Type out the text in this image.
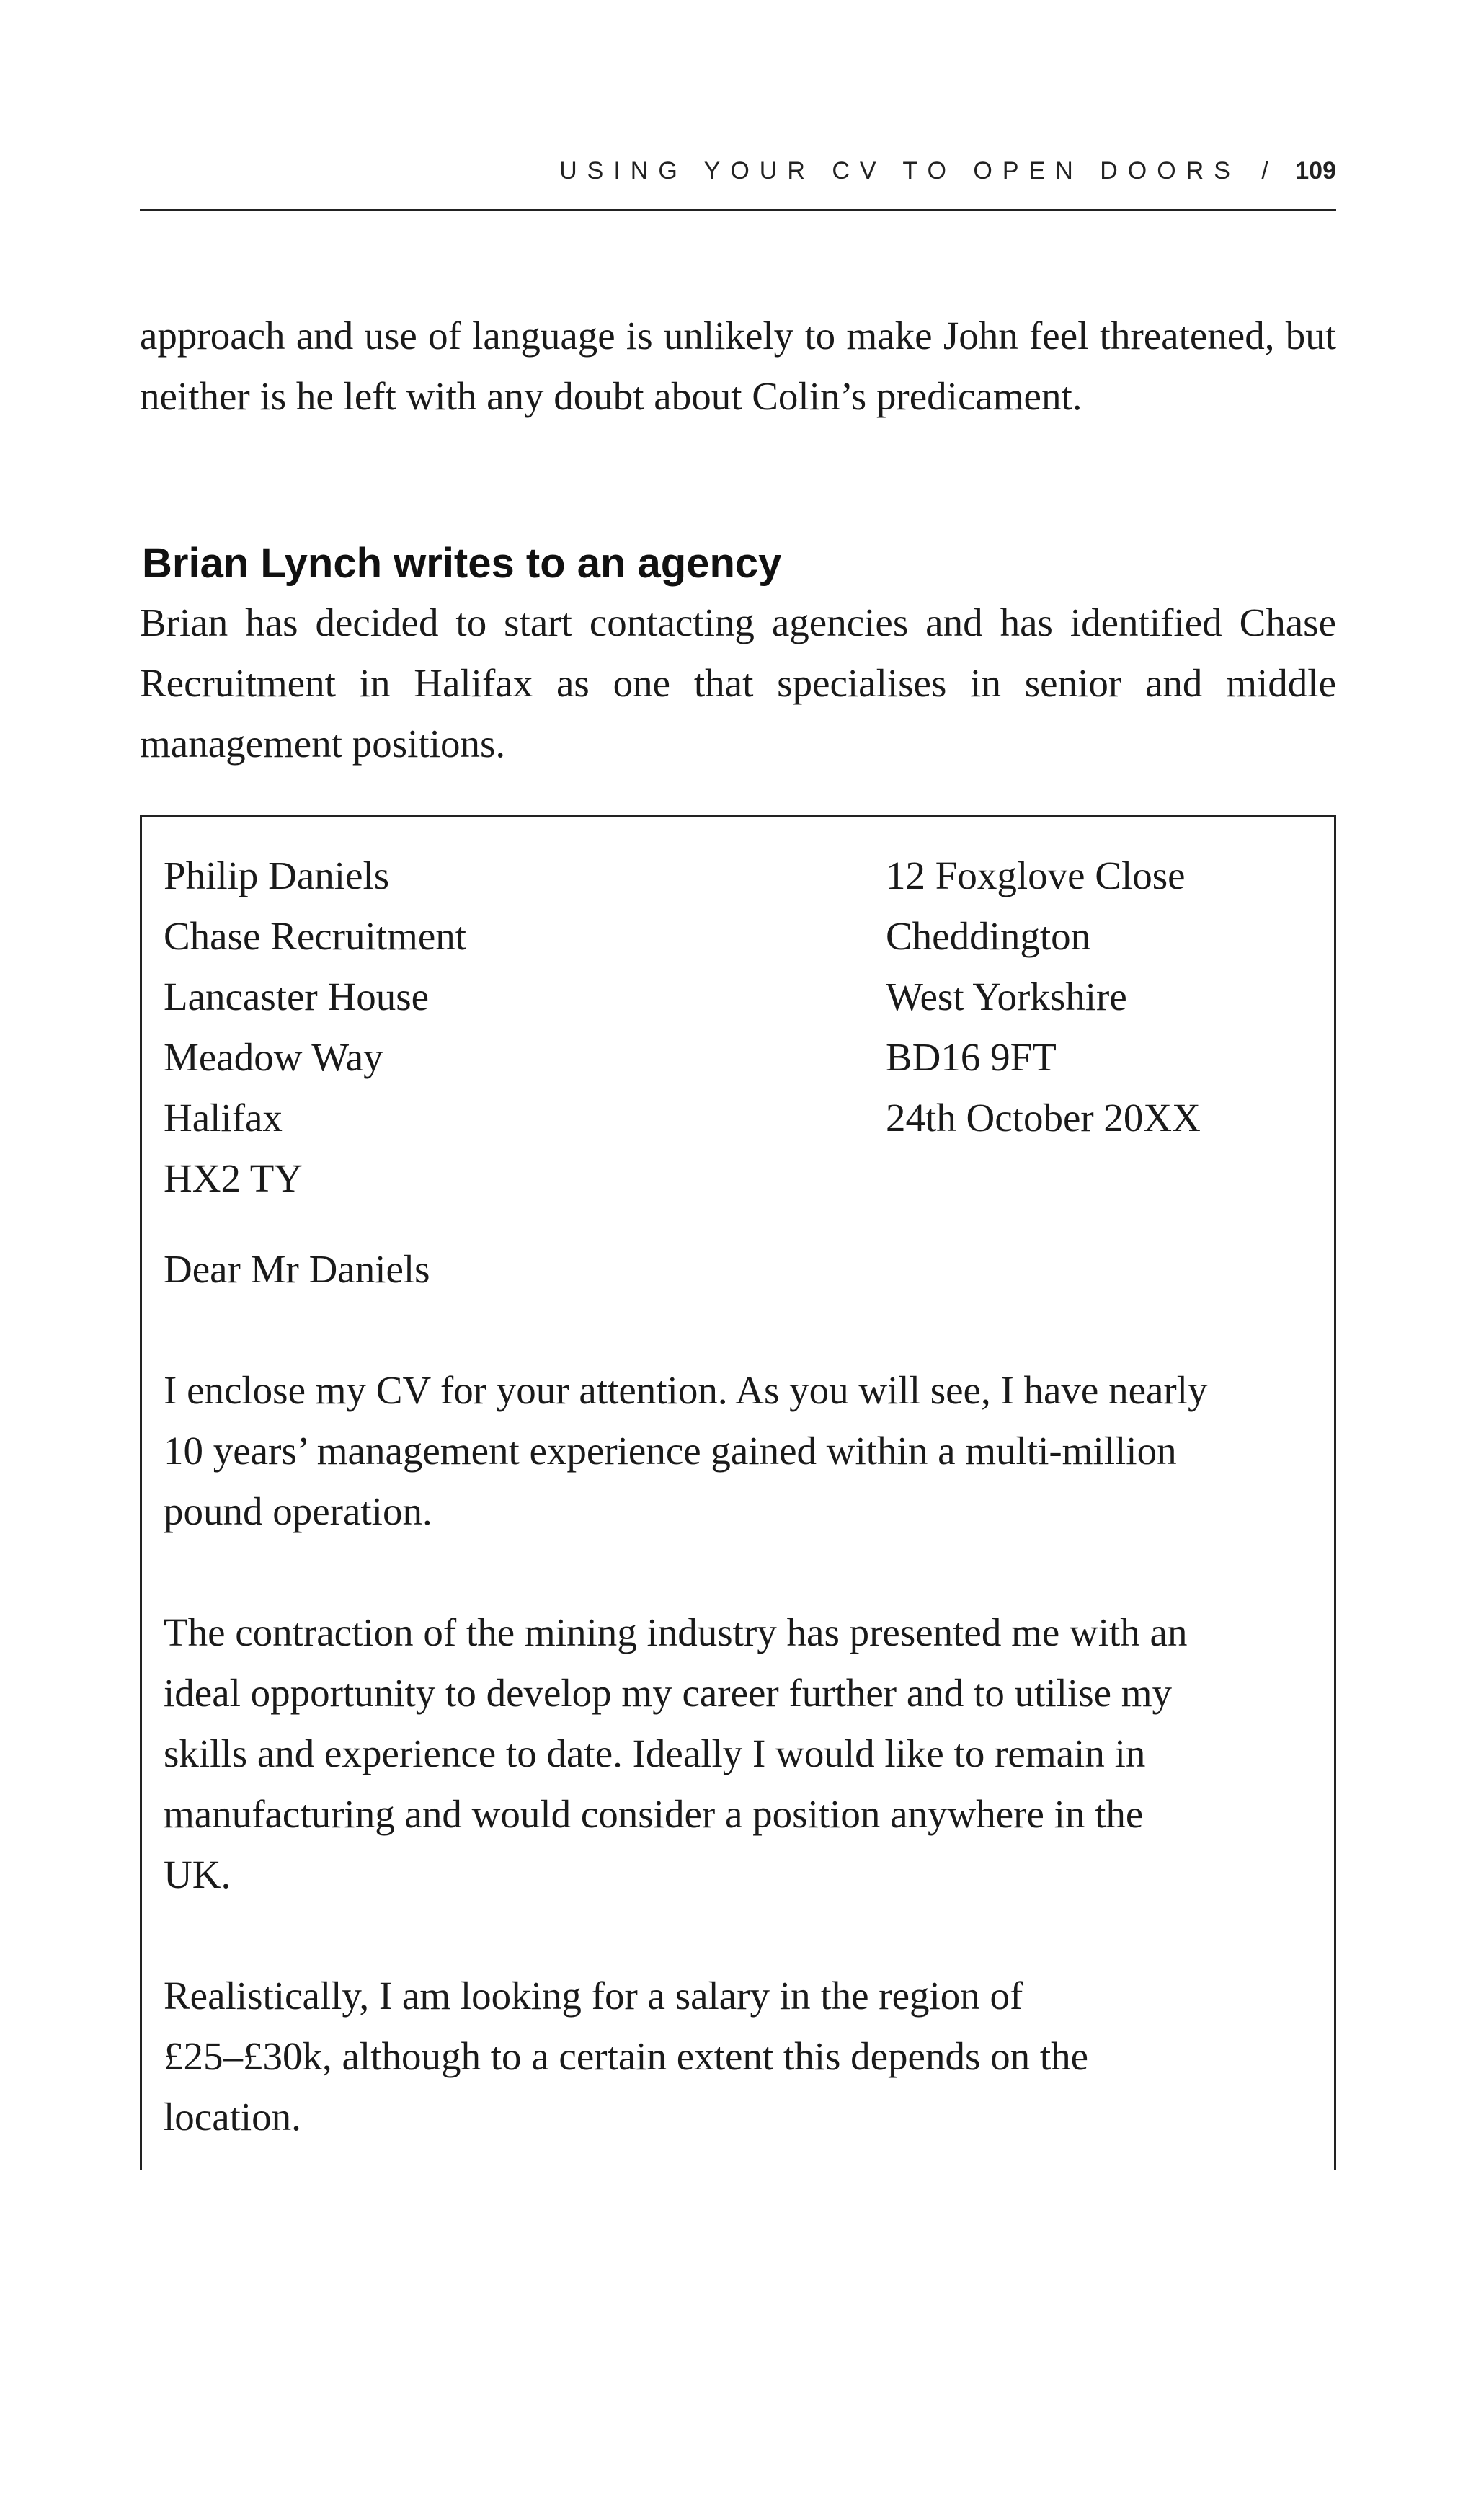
USING YOUR CV TO OPEN DOORS / 109

approach and use of language is unlikely to make John feel threatened, but neither is he left with any doubt about Colin’s predicament.

Brian Lynch writes to an agency

Brian has decided to start contacting agencies and has identified Chase Recruitment in Halifax as one that specialises in senior and middle management positions.

Philip Daniels
Chase Recruitment
Lancaster House
Meadow Way
Halifax
HX2 TY
12 Foxglove Close
Cheddington
West Yorkshire
BD16 9FT
24th October 20XX

Dear Mr Daniels

I enclose my CV for your attention. As you will see, I have nearly
10 years’ management experience gained within a multi-million
pound operation.

The contraction of the mining industry has presented me with an
ideal opportunity to develop my career further and to utilise my
skills and experience to date. Ideally I would like to remain in
manufacturing and would consider a position anywhere in the
UK.

Realistically, I am looking for a salary in the region of
£25–£30k, although to a certain extent this depends on the
location.
